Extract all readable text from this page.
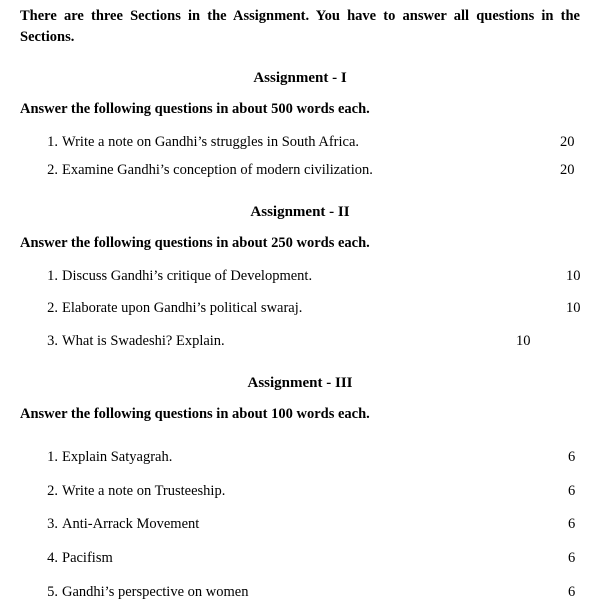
There are three Sections in the Assignment. You have to answer all questions in the Sections.

Assignment - I

Answer the following questions in about 500 words each.

1. Write a note on Gandhi’s struggles in South Africa.	20
2. Examine Gandhi’s conception of modern civilization.	20
Assignment - II

Answer the following questions in about 250 words each.

1. Discuss Gandhi’s critique of Development.	10
2. Elaborate upon Gandhi’s political swaraj.	10
3. What is Swadeshi? Explain.	10
Assignment - III

Answer the following questions in about 100 words each.

1. Explain Satyagrah.	6
2. Write a note on Trusteeship.	6
3. Anti-Arrack Movement	6
4. Pacifism	6
5. Gandhi’s perspective on women	6
